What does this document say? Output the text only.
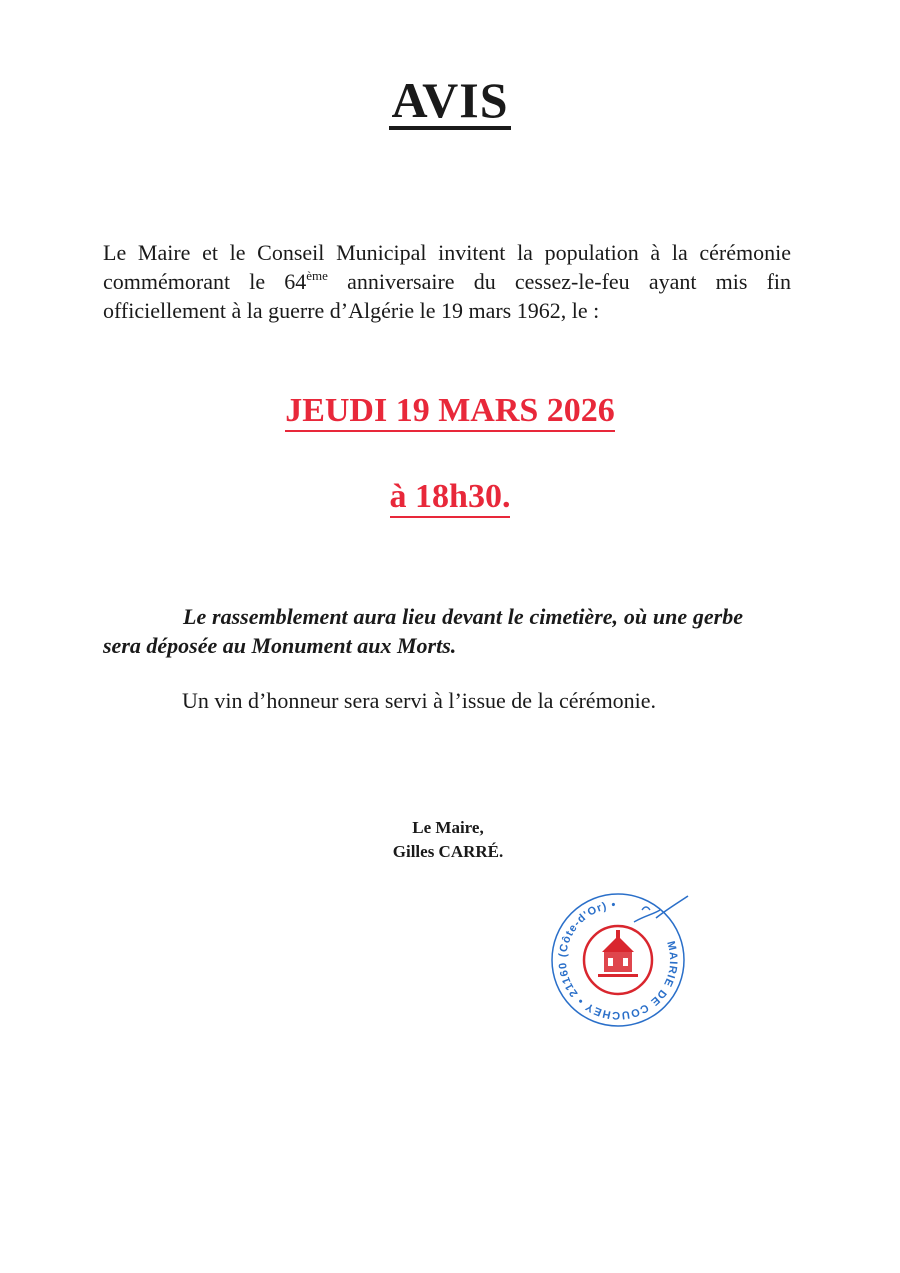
AVIS
Le Maire et le Conseil Municipal invitent la population à la cérémonie commémorant le 64ème anniversaire du cessez-le-feu ayant mis fin officiellement à la guerre d’Algérie le 19 mars 1962, le :
JEUDI 19 MARS 2026
à 18h30.
Le rassemblement aura lieu devant le cimetière, où une gerbe sera déposée au Monument aux Morts.
Un vin d’honneur sera servi à l’issue de la cérémonie.
Le Maire,
Gilles CARRÉ.
MAIRIE DE COUCHEY • 21160 (Côte-d'Or) •
